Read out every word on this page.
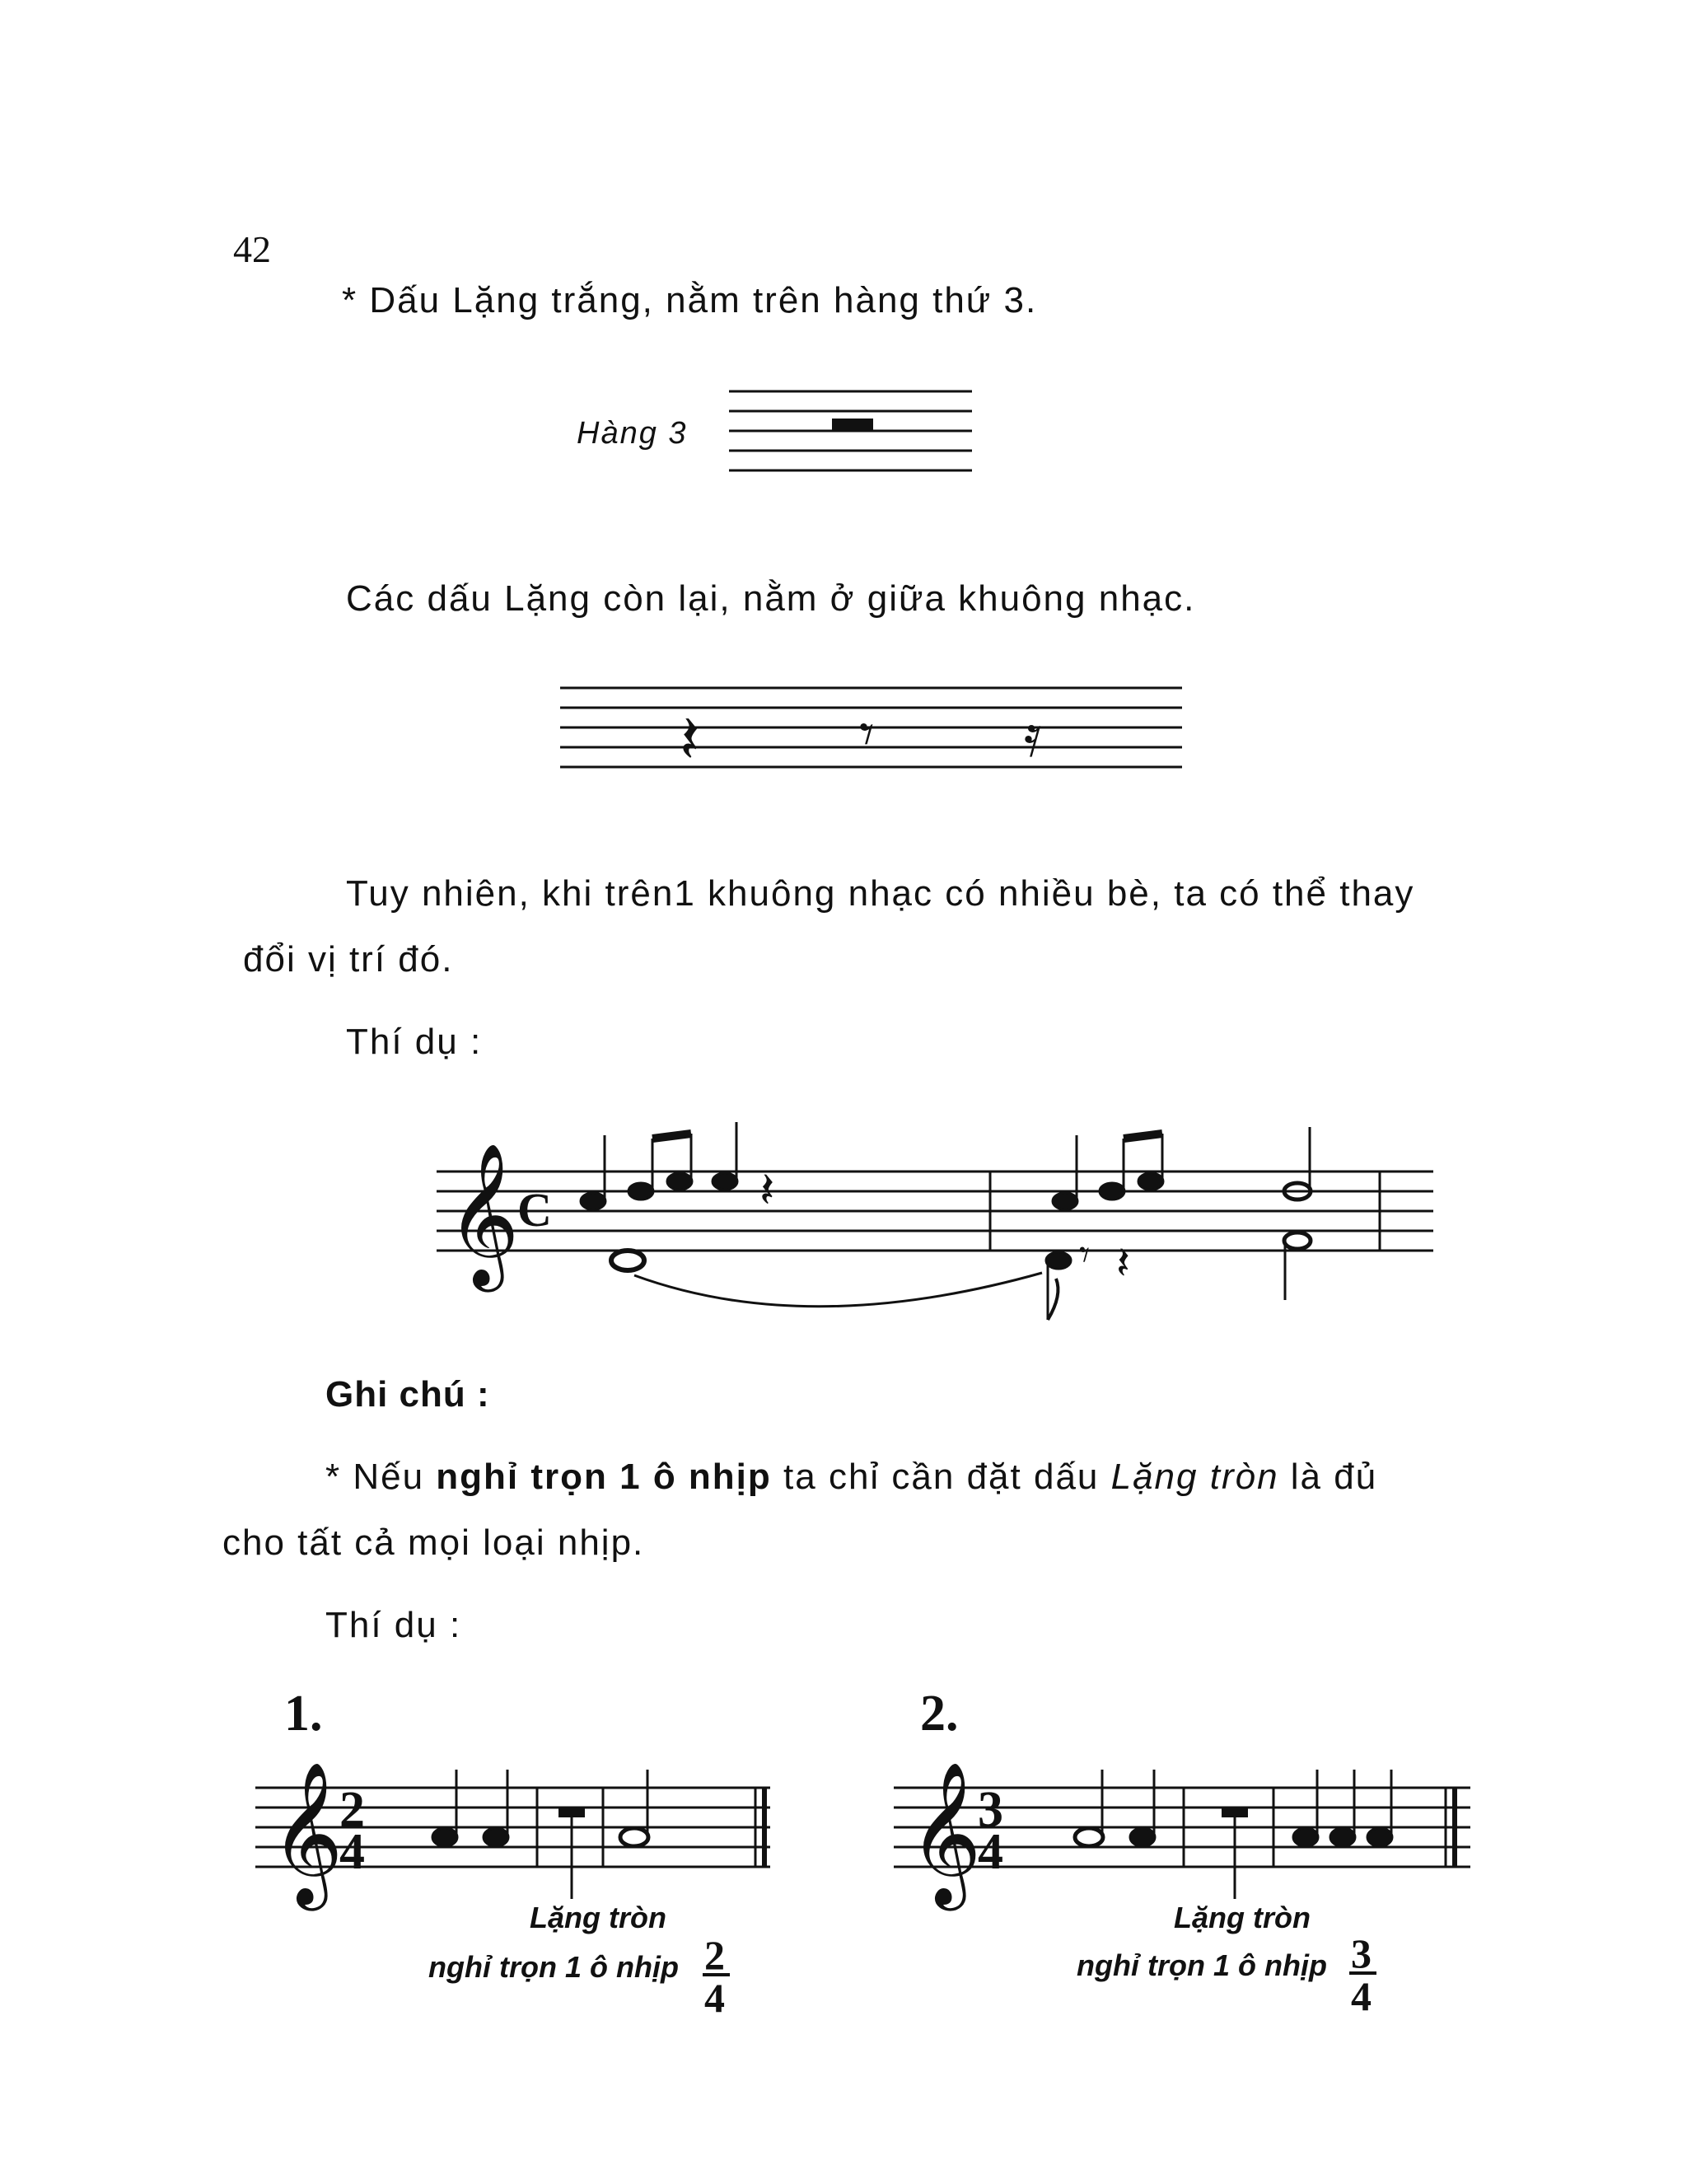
42
* Dấu Lặng trắng, nằm trên hàng thứ 3.
Hàng 3
Các dấu Lặng còn lại, nằm ở giữa khuông nhạc.
𝄽	𝄾	𝄿
Tuy nhiên, khi trên1 khuông nhạc có nhiều bè, ta có thể thay
đổi vị trí đó.
Thí dụ :
𝄞
C	𝄽
𝄾 𝄽
Ghi chú :
* Nếu nghỉ trọn 1 ô nhịp ta chỉ cần đặt dấu Lặng tròn là đủ
cho tất cả mọi loại nhịp.
Thí dụ :
1.
𝄞
2
4
Lặng tròn
nghỉ trọn 1 ô nhịp 2
4
2.
𝄞
3
4
Lặng tròn
nghỉ trọn 1 ô nhịp 3
4
